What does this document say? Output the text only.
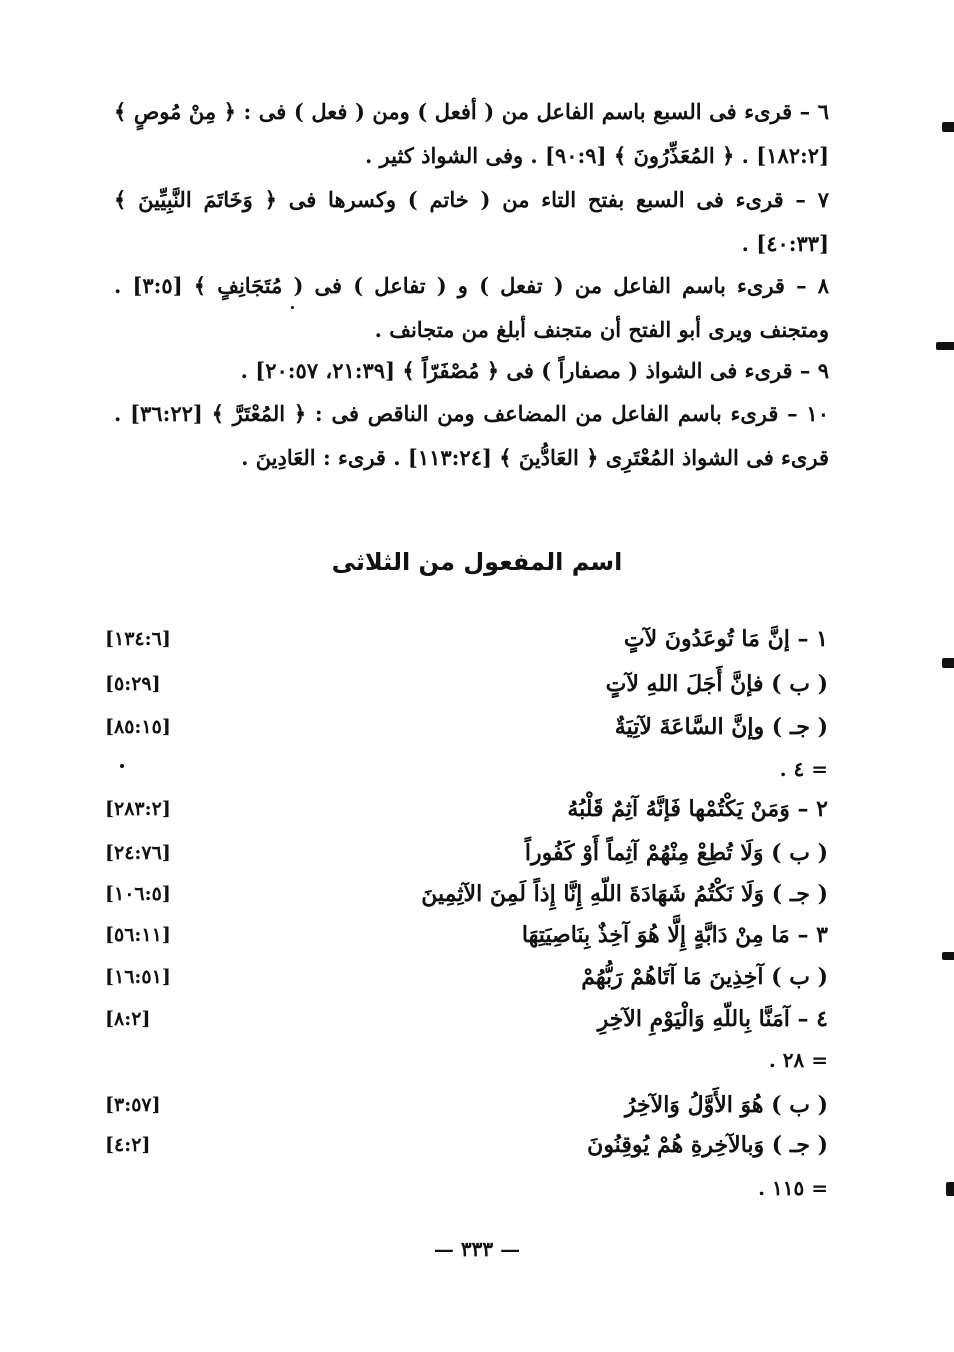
٦ – قرىء فى السبع باسم الفاعل من ( أفعل ) ومن ( فعل ) فى : ﴿ مِنْ مُوصٍ ﴾ [١٨٢:٢] . ﴿ المُعَذِّرُونَ ﴾ [٩٠:٩] . وفى الشواذ كثير .

٧ – قرىء فى السبع بفتح التاء من ( خاتم ) وكسرها فى ﴿ وَخَاتَمَ النَّبِيِّينَ ﴾ [٤٠:٣٣] .

٨ – قرىء باسم الفاعل من ( تفعل ) و ( تفاعل ) فى ( مُتَجَانِفٍ ﴾ [٣:٥] . ومتجنف ويرى أبو الفتح أن متجنف أبلغ من متجانف .

٩ – قرىء فى الشواذ ( مصفاراً ) فى ﴿ مُصْفَرّاً ﴾ [٢١:٣٩، ٢٠:٥٧] .

١٠ – قرىء باسم الفاعل من المضاعف ومن الناقص فى : ﴿ المُعْتَرَّ ﴾ [٣٦:٢٢] . قرىء فى الشواذ المُعْتَرِى ﴿ العَادُّينَ ﴾ [١١٣:٢٤] . قرىء : العَادِينَ .

اسم المفعول من الثلاثى
١ – إنَّ مَا تُوعَدُونَ لآتٍ
[١٣٤:٦]
( ب ) فإنَّ أَجَلَ اللهِ لآتٍ
[٥:٢٩]
( جـ ) وإنَّ السَّاعَةَ لآتِيَةٌ
[٨٥:١٥]
= ٤ .
٢ – وَمَنْ يَكْتُمْها فَإنَّهُ آثِمٌ قَلْبُهُ
[٢٨٣:٢]
( ب ) وَلَا تُطِعْ مِنْهُمْ آثِماً أَوْ كَفُوراً
[٢٤:٧٦]
( جـ ) وَلَا نَكْتُمُ شَهَادَةَ اللّهِ إِنَّا إِذاً لَمِنَ الآثِمِينَ
[١٠٦:٥]
٣ – مَا مِنْ دَابَّةٍ إِلَّا هُوَ آخِذٌ بِنَاصِيَتِهَا
[٥٦:١١]
( ب ) آخِذِينَ مَا آتَاهُمْ رَبُّهُمْ
[١٦:٥١]
٤ – آمَنَّا بِاللّهِ وَالْيَوْمِ الآخِرِ
[٨:٢]
= ٢٨ .
( ب ) هُوَ الأَوَّلُ وَالآخِرُ
[٣:٥٧]
( جـ ) وَبالآخِرةِ هُمْ يُوقِنُونَ
[٤:٢]
= ١١٥ .
— ٣٣٣ —
